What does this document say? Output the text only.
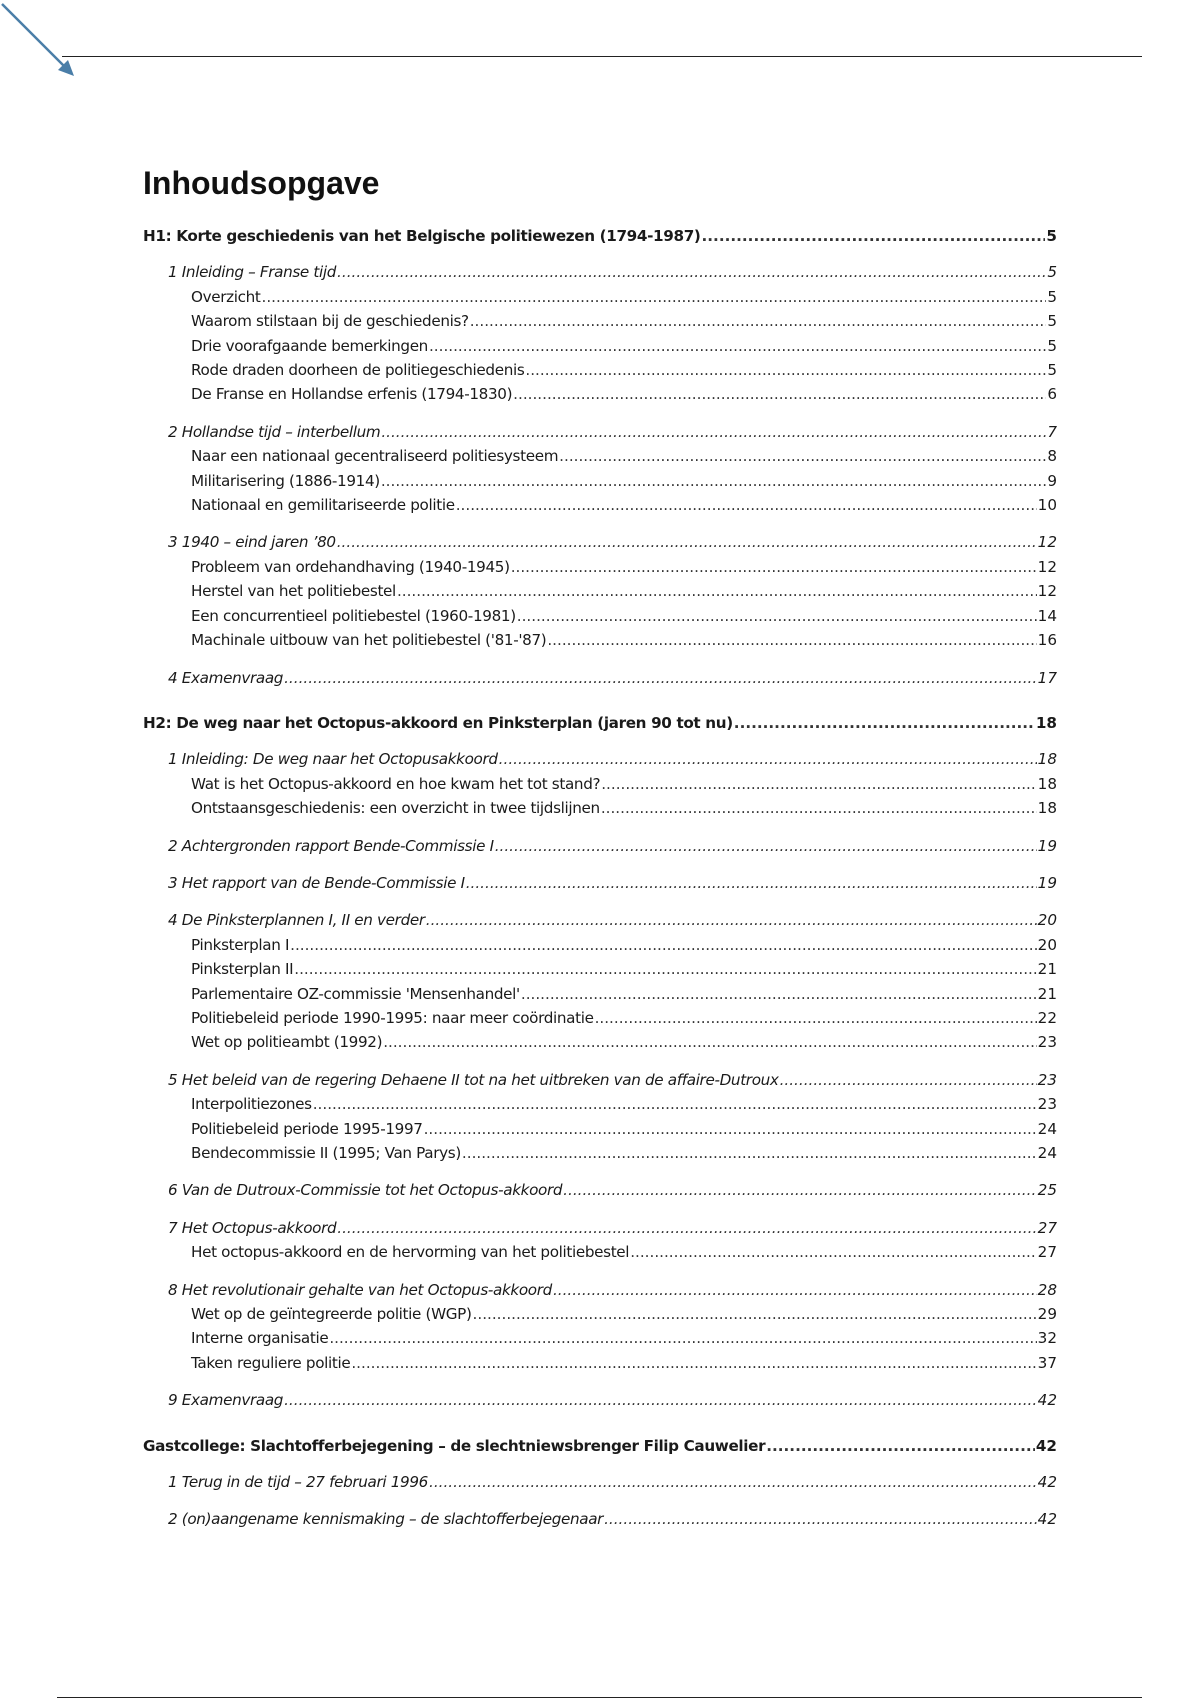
Inhoudsopgave
H1: Korte geschiedenis van het Belgische politiewezen (1794-1987) .....	5
1 Inleiding – Franse tijd .....	5
Overzicht .....	5
Waarom stilstaan bij de geschiedenis? .....	5
Drie voorafgaande bemerkingen .....	5
Rode draden doorheen de politiegeschiedenis .....	5
De Franse en Hollandse erfenis (1794-1830) .....	6
2 Hollandse tijd – interbellum .....	7
Naar een nationaal gecentraliseerd politiesysteem .....	8
Militarisering (1886-1914) .....	9
Nationaal en gemilitariseerde politie .....	10
3 1940 – eind jaren ’80 .....	12
Probleem van ordehandhaving (1940-1945) .....	12
Herstel van het politiebestel .....	12
Een concurrentieel politiebestel (1960-1981) .....	14
Machinale uitbouw van het politiebestel ('81-'87) .....	16
4 Examenvraag .....	17
H2: De weg naar het Octopus-akkoord en Pinksterplan (jaren 90 tot nu) .....	18
1 Inleiding: De weg naar het Octopusakkoord .....	18
Wat is het Octopus-akkoord en hoe kwam het tot stand? .....	18
Ontstaansgeschiedenis: een overzicht in twee tijdslijnen .....	18
2 Achtergronden rapport Bende-Commissie I .....	19
3 Het rapport van de Bende-Commissie I .....	19
4 De Pinksterplannen I, II en verder .....	20
Pinksterplan I .....	20
Pinksterplan II .....	21
Parlementaire OZ-commissie 'Mensenhandel' .....	21
Politiebeleid periode 1990-1995: naar meer coördinatie .....	22
Wet op politieambt (1992) .....	23
5 Het beleid van de regering Dehaene II tot na het uitbreken van de affaire-Dutroux .....	23
Interpolitiezones .....	23
Politiebeleid periode 1995-1997 .....	24
Bendecommissie II (1995; Van Parys) .....	24
6 Van de Dutroux-Commissie tot het Octopus-akkoord .....	25
7 Het Octopus-akkoord .....	27
Het octopus-akkoord en de hervorming van het politiebestel .....	27
8 Het revolutionair gehalte van het Octopus-akkoord .....	28
Wet op de geïntegreerde politie (WGP) .....	29
Interne organisatie .....	32
Taken reguliere politie .....	37
9 Examenvraag .....	42
Gastcollege: Slachtofferbejegening – de slechtniewsbrenger Filip Cauwelier .....	42
1 Terug in de tijd – 27 februari 1996 .....	42
2 (on)aangename kennismaking – de slachtofferbejegenaar .....	42
